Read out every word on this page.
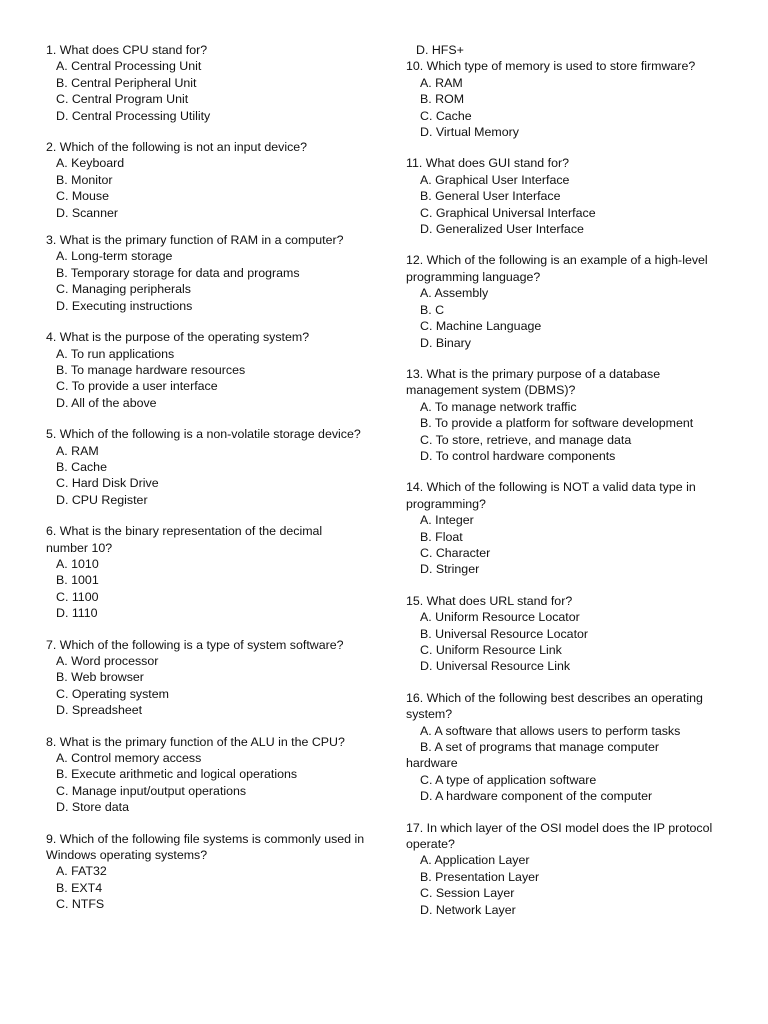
1. What does CPU stand for?
A. Central Processing Unit
B. Central Peripheral Unit
C. Central Program Unit
D. Central Processing Utility
2. Which of the following is not an input device?
A. Keyboard
B. Monitor
C. Mouse
D. Scanner
3. What is the primary function of RAM in a computer?
A. Long-term storage
B. Temporary storage for data and programs
C. Managing peripherals
D. Executing instructions
4. What is the purpose of the operating system?
A. To run applications
B. To manage hardware resources
C. To provide a user interface
D. All of the above
5. Which of the following is a non-volatile storage device?
A. RAM
B. Cache
C. Hard Disk Drive
D. CPU Register
6. What is the binary representation of the decimal number 10?
A. 1010
B. 1001
C. 1100
D. 1110
7. Which of the following is a type of system software?
A. Word processor
B. Web browser
C. Operating system
D. Spreadsheet
8. What is the primary function of the ALU in the CPU?
A. Control memory access
B. Execute arithmetic and logical operations
C. Manage input/output operations
D. Store data
9. Which of the following file systems is commonly used in Windows operating systems?
A. FAT32
B. EXT4
C. NTFS
D. HFS+
10. Which type of memory is used to store firmware?
A. RAM
B. ROM
C. Cache
D. Virtual Memory
11. What does GUI stand for?
A. Graphical User Interface
B. General User Interface
C. Graphical Universal Interface
D. Generalized User Interface
12. Which of the following is an example of a high-level programming language?
A. Assembly
B. C
C. Machine Language
D. Binary
13. What is the primary purpose of a database management system (DBMS)?
A. To manage network traffic
B. To provide a platform for software development
C. To store, retrieve, and manage data
D. To control hardware components
14. Which of the following is NOT a valid data type in programming?
A. Integer
B. Float
C. Character
D. Stringer
15. What does URL stand for?
A. Uniform Resource Locator
B. Universal Resource Locator
C. Uniform Resource Link
D. Universal Resource Link
16. Which of the following best describes an operating system?
A. A software that allows users to perform tasks
B. A set of programs that manage computer
hardware
C. A type of application software
D. A hardware component of the computer
17. In which layer of the OSI model does the IP protocol operate?
A. Application Layer
B. Presentation Layer
C. Session Layer
D. Network Layer
